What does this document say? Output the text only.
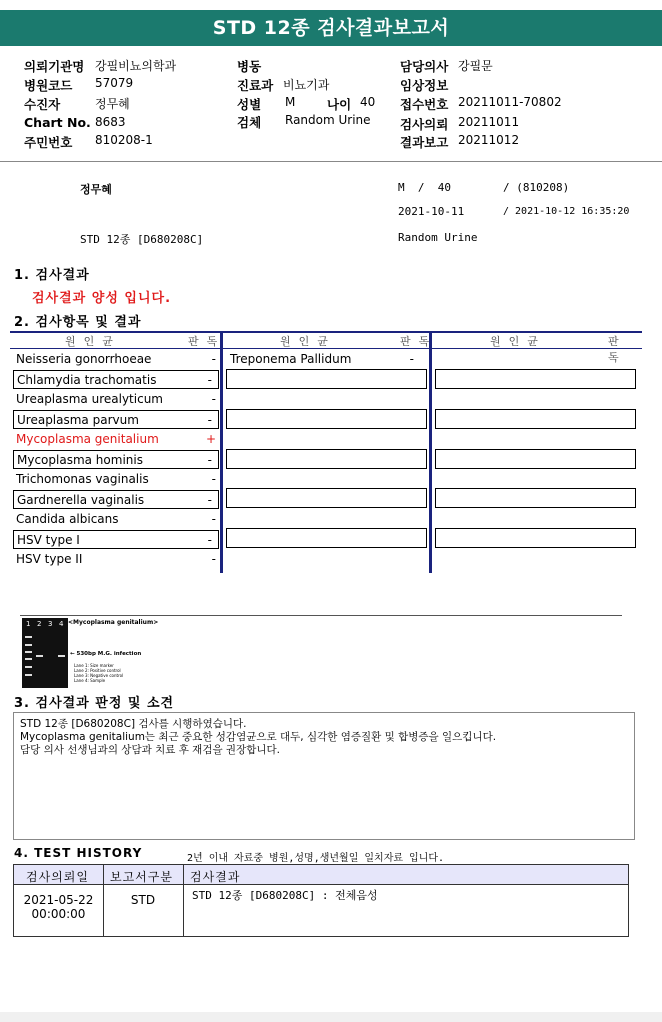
STD 12종 검사결과보고서
의뢰기관명 강필비뇨의학과
병원코드 57079
수진자	정무혜
Chart No. 8683
주민번호 810208-1
병동
진료과 비뇨기과
성별 M	나이 40
검체 Random Urine
담당의사 강필문
임상정보
접수번호 20211011-70802
검사의뢰 20211011
결과보고 20211012
정무혜	M  /  40	/ (810208)
2021-10-11	/ 2021-10-12 16:35:20
STD 12종 [D680208C]	Random Urine
1. 검사결과
검사결과 양성 입니다.
2. 검사항목 및 결과
원인균	판독	원인균	판독	원인균	판독
Neisseria gonorrhoeae	-
Chlamydia trachomatis	-
Ureaplasma urealyticum	-
Ureaplasma parvum	-
Mycoplasma genitalium	+
Mycoplasma hominis	-
Trichomonas vaginalis	-
Gardnerella vaginalis	-
Candida albicans	-
HSV type I	-
HSV type II	-
Treponema Pallidum	-
1 2 3 4 <Mycoplasma genitalium>
← 530bp M.G. infection
Lane 1: Size marker
Lane 2: Positive control
Lane 3: Negative control
Lane 4: Sample
3. 검사결과 판정 및 소견
STD 12종 [D680208C] 검사를 시행하였습니다.
Mycoplasma genitalium는 최근 중요한 성감염균으로 대두, 심각한 염증질환 및 합병증을 일으킵니다.
담당 의사 선생님과의 상담과 치료 후 재검을 권장합니다.
4. TEST HISTORY	2년 이내 자료중 병원,성명,생년월일 일치자료 입니다.
검사의뢰일 보고서구분 검사결과
2021-05-22
00:00:00
STD	STD 12종 [D680208C] : 전체음성
